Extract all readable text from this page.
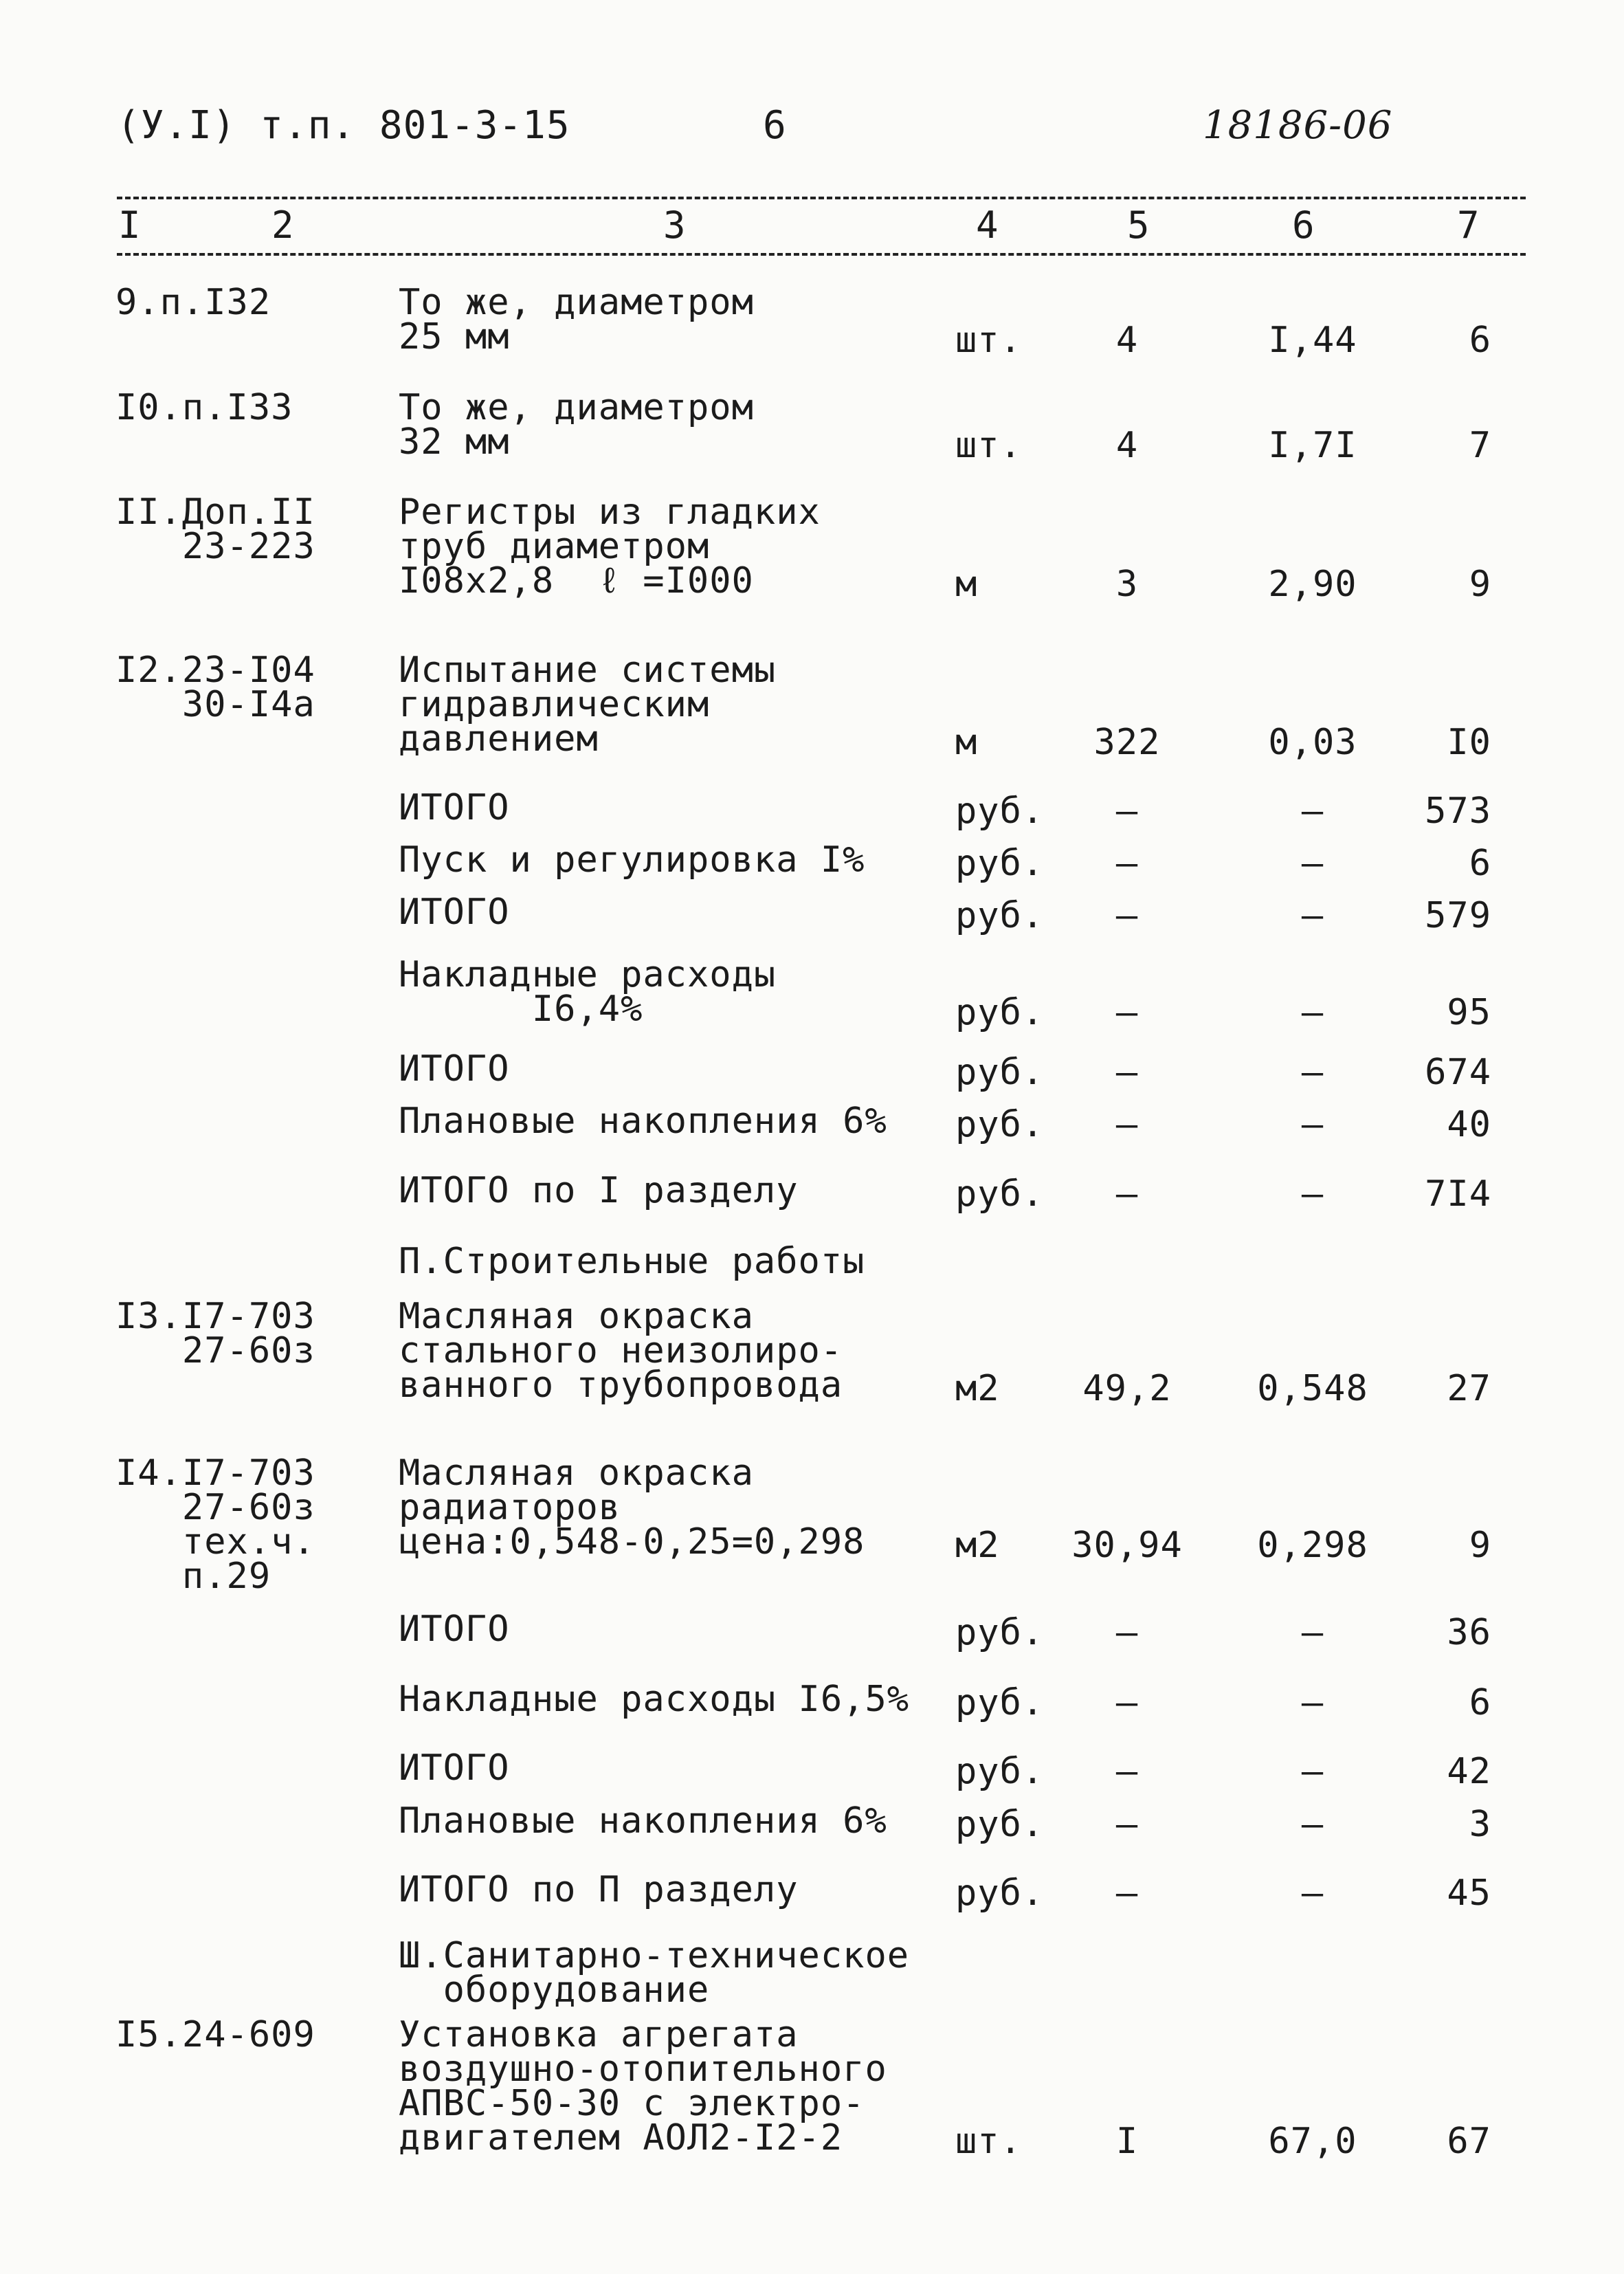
(У.I) т.п. 801-3-15	6	18186-06
I	2	3	4	5	6	7
9.п.I32	То же, диаметром
25 мм	шт.	4	I,44	6
I0.п.I33	То же, диаметром
32 мм	шт.	4	I,7I	7
II.Доп.II
23-223
Регистры из гладких
труб диаметром
I08х2,8  ℓ =I000	м	3	2,90	9
I2.23-I04
30-I4а
Испытание системы
гидравлическим
давлением	м	322	0,03	I0
ИТОГО	руб.	–	–	573
Пуск и регулировка I%	руб.	–	–	6
ИТОГО	руб.	–	–	579
Накладные расходы
I6,4%	руб.	–	–	95
ИТОГО	руб.	–	–	674
Плановые накопления 6% руб.	–	–	40
ИТОГО по I разделу	руб.	–	–	7I4
П.Строительные работы
I3.I7-703
27-60з
Масляная окраска
стального неизолиро-
ванного трубопровода	м2	49,2	0,548	27
I4.I7-703
27-60з
тех.ч.
п.29
Масляная окраска
радиаторов
цена:0,548-0,25=0,298	м2	30,94	0,298	9
ИТОГО	руб.	–	–	36
Накладные расходы I6,5% руб.	–	–	6
ИТОГО	руб.	–	–	42
Плановые накопления 6% руб.	–	–	3
ИТОГО по П разделу	руб.	–	–	45
Ш.Санитарно-техническое
оборудование
I5.24-609 Установка агрегата
воздушно-отопительного
АПВС-50-30 с электро-
двигателем АОЛ2-I2-2	шт.	I	67,0	67
